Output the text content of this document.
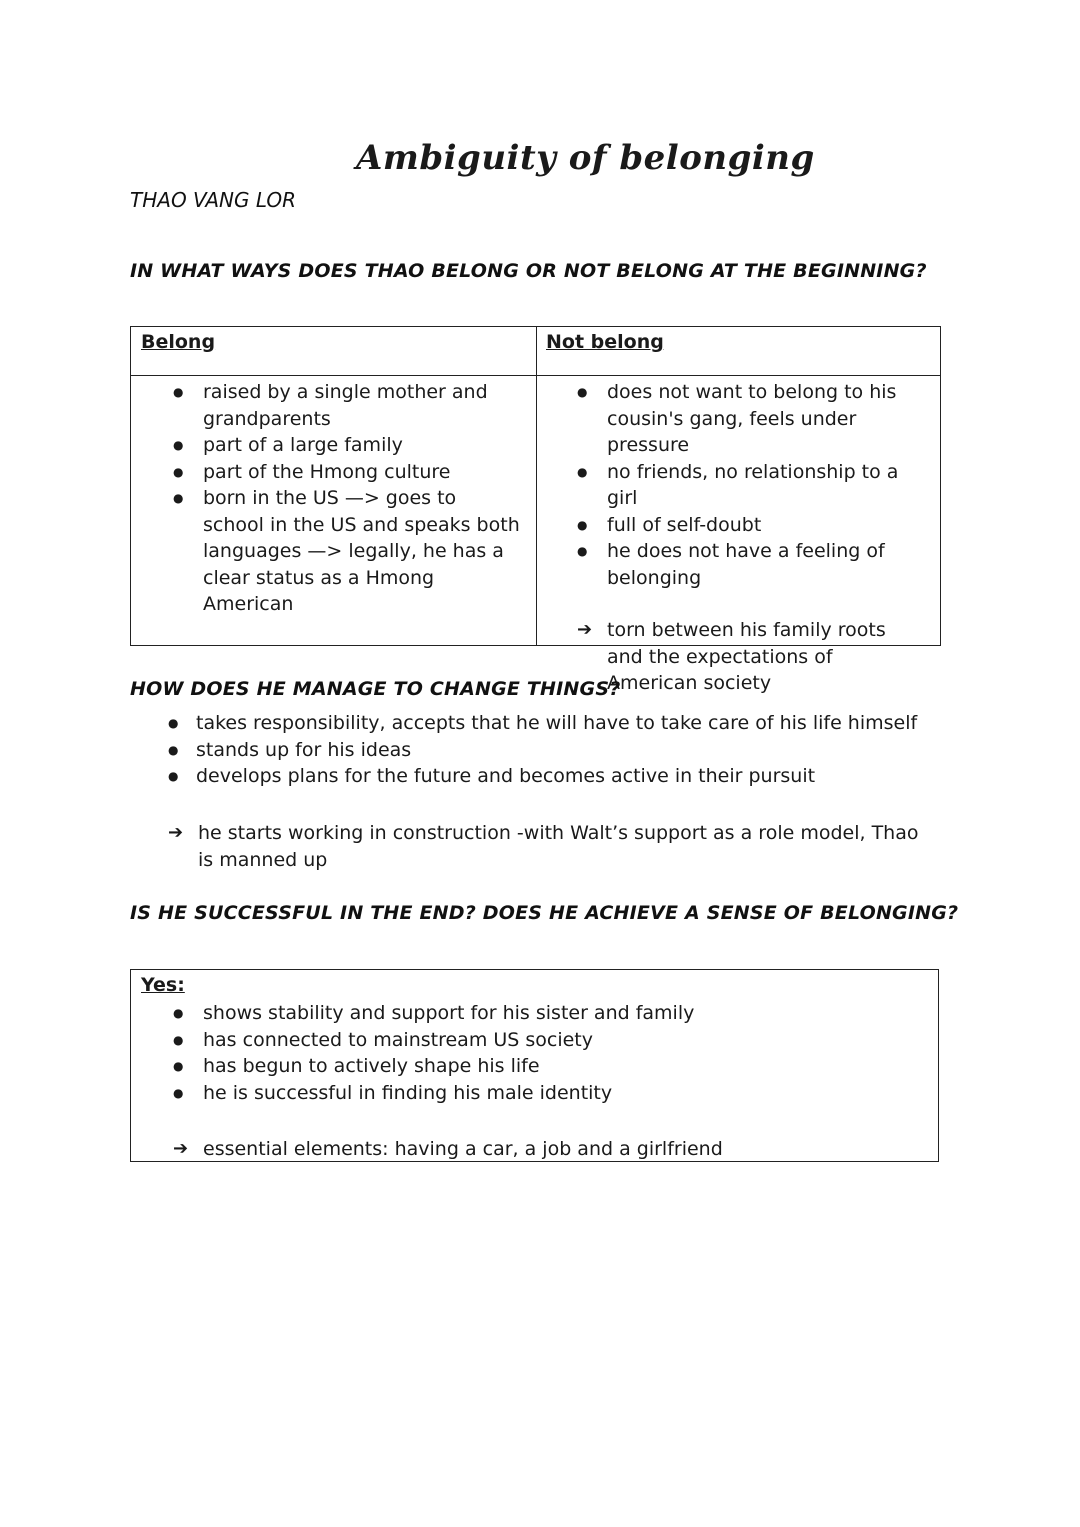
Ambiguity of belonging
THAO VANG LOR
IN WHAT WAYS DOES THAO BELONG OR NOT BELONG AT THE BEGINNING?
Belong	Not belong
● raised by a single mother and grandparents
● part of a large family
● part of the Hmong culture
● born in the US —> goes to school in the US and speaks both languages —> legally, he has a clear status as a Hmong American
● does not want to belong to his cousin's gang, feels under pressure
● no friends, no relationship to a girl
● full of self-doubt
● he does not have a feeling of belonging
➔ torn between his family roots and the expectations of American society
HOW DOES HE MANAGE TO CHANGE THINGS?
● takes responsibility, accepts that he will have to take care of his life himself
● stands up for his ideas
● develops plans for the future and becomes active in their pursuit
➔ he starts working in construction -with Walt’s support as a role model, Thao is manned up
IS HE SUCCESSFUL IN THE END? DOES HE ACHIEVE A SENSE OF BELONGING?
Yes:
● shows stability and support for his sister and family
● has connected to mainstream US society
● has begun to actively shape his life
● he is successful in finding his male identity
➔ essential elements: having a car, a job and a girlfriend
